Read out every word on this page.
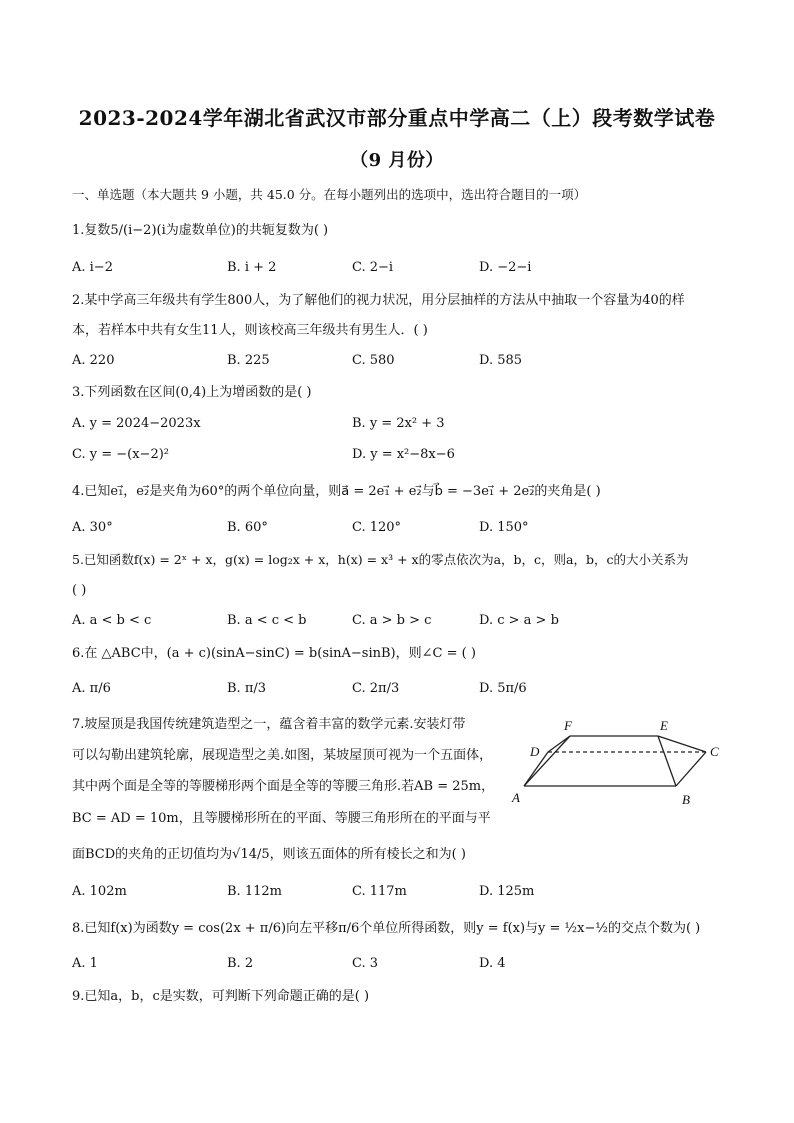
2023-2024学年湖北省武汉市部分重点中学高二（上）段考数学试卷
（9 月份）
一、单选题（本大题共 9 小题，共 45.0 分。在每小题列出的选项中，选出符合题目的一项）
1.复数5/(i−2)(i为虚数单位)的共轭复数为( )
A. i−2	B. i + 2	C. 2−i	D. −2−i
2.某中学高三年级共有学生800人，为了解他们的视力状况，用分层抽样的方法从中抽取一个容量为40的样
本，若样本中共有女生11人，则该校高三年级共有男生人．( )
A. 220	B. 225	C. 580	D. 585
3.下列函数在区间(0,4)上为增函数的是( )
A. y = 2024−2023x	B. y = 2x² + 3
C. y = −(x−2)²	D. y = x²−8x−6
4.已知e₁⃗，e₂⃗是夹角为60°的两个单位向量，则a⃗ = 2e₁⃗ + e₂⃗与b⃗ = −3e₁⃗ + 2e₂⃗的夹角是( )
A. 30°	B. 60°	C. 120°	D. 150°
5.已知函数f(x) = 2ˣ + x，g(x) = log₂x + x，h(x) = x³ + x的零点依次为a，b，c，则a，b，c的大小关系为
( )
A. a < b < c	B. a < c < b	C. a > b > c	D. c > a > b
6.在 △ABC中，(a + c)(sinA−sinC) = b(sinA−sinB)，则∠C = ( )
A. π/6	B. π/3	C. 2π/3	D. 5π/6
7.坡屋顶是我国传统建筑造型之一，蕴含着丰富的数学元素.安装灯带
可以勾勒出建筑轮廓，展现造型之美.如图，某坡屋顶可视为一个五面体，
其中两个面是全等的等腰梯形两个面是全等的等腰三角形.若AB = 25m，
BC = AD = 10m，且等腰梯形所在的平面、等腰三角形所在的平面与平
面BCD的夹角的正切值均为√14/5，则该五面体的所有棱长之和为( )
A. 102m	B. 112m	C. 117m	D. 125m
F	E
D	C
A	B
8.已知f(x)为函数y = cos(2x + π/6)向左平移π/6个单位所得函数，则y = f(x)与y = ½x−½的交点个数为( )
A. 1	B. 2	C. 3	D. 4
9.已知a，b，c是实数，可判断下列命题正确的是( )
